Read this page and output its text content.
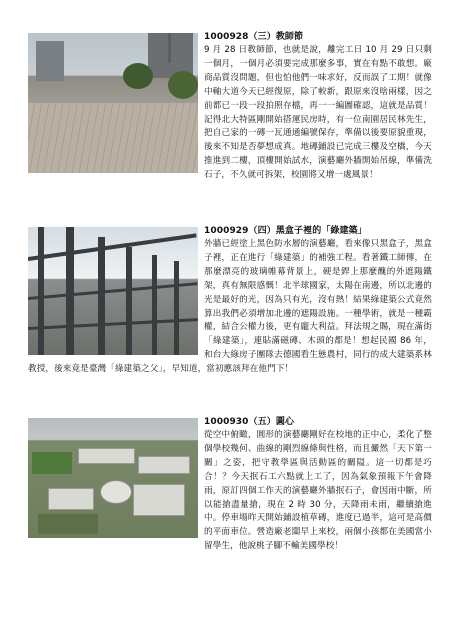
1000928（三）教師節
9 月 28 日教師節，也就是說，離完工日 10 月 29 日只剩一個月，一個月必須要完成那麼多事，實在有點不敢想。廠商品質沒問題，但也怕他們一味求好，反而誤了工期！就像中軸大道今天已經復原，除了較新，跟原來沒啥兩樣，因之前都已一段一段拍照存檔，再一一編圖確認，這就是品質！記得北大特區剛開始搭運民房時，有一位南園居民林先生，把自己家的一磚一瓦通通編號保存，準備以後要原貌重現，後來不知是否夢想成真。地磚鋪設已完成三樓及空橋，今天推進到二樓，頂樓開始試水，演藝廳外牆開始吊線，準備洗石子，不久就可拆架，校園將又增一處風景！
1000929（四）黑盒子裡的「綠建築」
外牆已經塗上黑色防水層的演藝廳，看來像只黑盒子，黑盒子裡，正在進行「綠建築」的補強工程。看著鐵工師傳，在那麼漂亮的玻璃帷幕背景上，硬是銲上那麼醜的外遮陽鐵架，真有無限感慨！北半球國家，太陽在南邊，所以北邊的光是最好的光，因為只有光，沒有熱！結果綠建築公式竟然算出我們必須增加北邊的遮陽設施。一種學術，就是一種霸權，結合公權力後，更有龐大利益。拜法規之賜，現在滿街「綠建築」，連貼滿磁磚、木頭的都是！想起民國 86 年，和台大綠房子團隊去德國看生態農村，同行的成大建築系林教授，後來竟是臺灣「綠建築之父」，早知道，當初應該拜在他門下！
1000930（五）圓心
從空中俯瞰，圓形的演藝廳剛好在校地的正中心，柔化了整個學校幾何、曲線的剛烈線條與性格，而且儼然「天下第一關」之姿，把守教學區與活動區的關隘。這一切都是巧合！？今天抿石工六點就上工了，因為氣象預報下午會降雨，原訂四個工作天的演藝廳外牆抿石子，會因雨中斷，所以能搶盡量搶，現在 2 時 30 分，天降雨未雨，繼續搶進中。停車場昨天開始鋪設植草磚，進度已過半，這可是高價的平面車位。營造廠老闆早上來校，兩個小孩都在美國當小留學生，他說桃子腳不輸美國學校！
